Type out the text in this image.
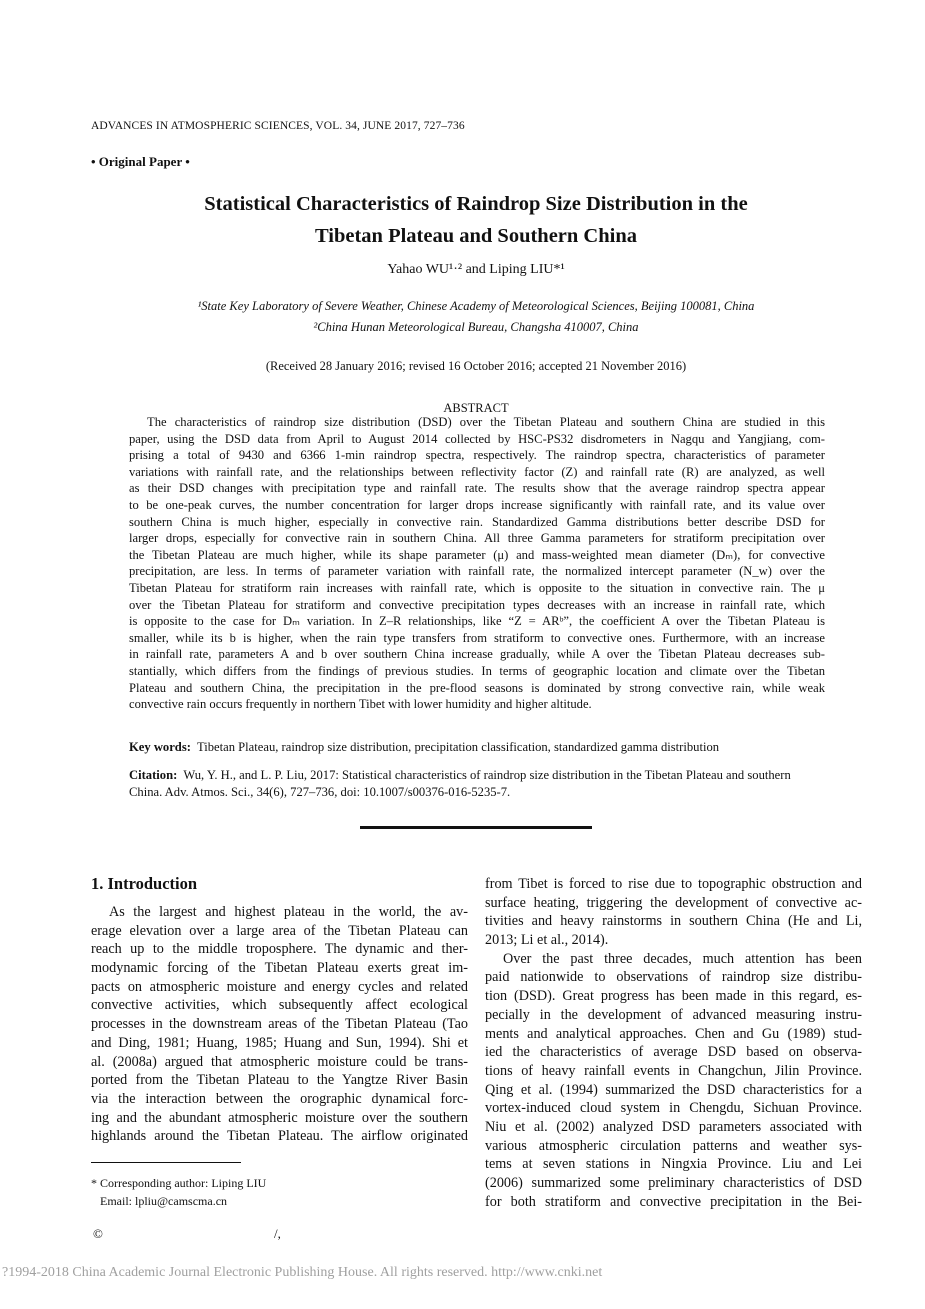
ADVANCES IN ATMOSPHERIC SCIENCES, VOL. 34, JUNE 2017, 727–736
• Original Paper •
Statistical Characteristics of Raindrop Size Distribution in the
Tibetan Plateau and Southern China
Yahao WU¹·² and Liping LIU*¹
¹State Key Laboratory of Severe Weather, Chinese Academy of Meteorological Sciences, Beijing 100081, China
²China Hunan Meteorological Bureau, Changsha 410007, China
(Received 28 January 2016; revised 16 October 2016; accepted 21 November 2016)
ABSTRACT
The characteristics of raindrop size distribution (DSD) over the Tibetan Plateau and southern China are studied in this
paper, using the DSD data from April to August 2014 collected by HSC-PS32 disdrometers in Nagqu and Yangjiang, com-
prising a total of 9430 and 6366 1-min raindrop spectra, respectively. The raindrop spectra, characteristics of parameter
variations with rainfall rate, and the relationships between reflectivity factor (Z) and rainfall rate (R) are analyzed, as well
as their DSD changes with precipitation type and rainfall rate. The results show that the average raindrop spectra appear
to be one-peak curves, the number concentration for larger drops increase significantly with rainfall rate, and its value over
southern China is much higher, especially in convective rain. Standardized Gamma distributions better describe DSD for
larger drops, especially for convective rain in southern China. All three Gamma parameters for stratiform precipitation over
the Tibetan Plateau are much higher, while its shape parameter (μ) and mass-weighted mean diameter (Dₘ), for convective
precipitation, are less. In terms of parameter variation with rainfall rate, the normalized intercept parameter (N_w) over the
Tibetan Plateau for stratiform rain increases with rainfall rate, which is opposite to the situation in convective rain. The μ
over the Tibetan Plateau for stratiform and convective precipitation types decreases with an increase in rainfall rate, which
is opposite to the case for Dₘ variation. In Z–R relationships, like “Z = ARᵇ”, the coefficient A over the Tibetan Plateau is
smaller, while its b is higher, when the rain type transfers from stratiform to convective ones. Furthermore, with an increase
in rainfall rate, parameters A and b over southern China increase gradually, while A over the Tibetan Plateau decreases sub-
stantially, which differs from the findings of previous studies. In terms of geographic location and climate over the Tibetan
Plateau and southern China, the precipitation in the pre-flood seasons is dominated by strong convective rain, while weak
convective rain occurs frequently in northern Tibet with lower humidity and higher altitude.
Key words: Tibetan Plateau, raindrop size distribution, precipitation classification, standardized gamma distribution
Citation: Wu, Y. H., and L. P. Liu, 2017: Statistical characteristics of raindrop size distribution in the Tibetan Plateau and southern China. Adv. Atmos. Sci., 34(6), 727–736, doi: 10.1007/s00376-016-5235-7.
1. Introduction
As the largest and highest plateau in the world, the av-
erage elevation over a large area of the Tibetan Plateau can
reach up to the middle troposphere. The dynamic and ther-
modynamic forcing of the Tibetan Plateau exerts great im-
pacts on atmospheric moisture and energy cycles and related
convective activities, which subsequently affect ecological
processes in the downstream areas of the Tibetan Plateau (Tao
and Ding, 1981; Huang, 1985; Huang and Sun, 1994). Shi et
al. (2008a) argued that atmospheric moisture could be trans-
ported from the Tibetan Plateau to the Yangtze River Basin
via the interaction between the orographic dynamical forc-
ing and the abundant atmospheric moisture over the southern
highlands around the Tibetan Plateau. The airflow originated
from Tibet is forced to rise due to topographic obstruction and
surface heating, triggering the development of convective ac-
tivities and heavy rainstorms in southern China (He and Li,
2013; Li et al., 2014).
Over the past three decades, much attention has been
paid nationwide to observations of raindrop size distribu-
tion (DSD). Great progress has been made in this regard, es-
pecially in the development of advanced measuring instru-
ments and analytical approaches. Chen and Gu (1989) stud-
ied the characteristics of average DSD based on observa-
tions of heavy rainfall events in Changchun, Jilin Province.
Qing et al. (1994) summarized the DSD characteristics for a
vortex-induced cloud system in Chengdu, Sichuan Province.
Niu et al. (2002) analyzed DSD parameters associated with
various atmospheric circulation patterns and weather sys-
tems at seven stations in Ningxia Province. Liu and Lei
(2006) summarized some preliminary characteristics of DSD
for both stratiform and convective precipitation in the Bei-
* Corresponding author: Liping LIU
Email: lpliu@camscma.cn
©	/,
?1994-2018 China Academic Journal Electronic Publishing House. All rights reserved. http://www.cnki.net
